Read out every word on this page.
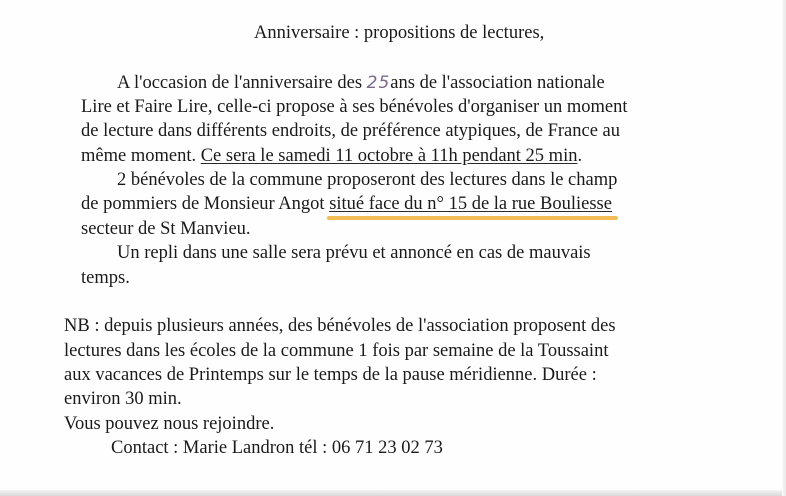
Anniversaire : propositions de lectures,
A l'occasion de l'anniversaire des 25ans de l'association nationale
Lire et Faire Lire, celle-ci propose à ses bénévoles d'organiser un moment
de lecture dans différents endroits, de préférence atypiques, de France au
même moment. Ce sera le samedi 11 octobre à 11h pendant 25 min.
2 bénévoles de la commune proposeront des lectures dans le champ
de pommiers de Monsieur Angot situé face du n° 15 de la rue Bouliesse
secteur de St Manvieu.
Un repli dans une salle sera prévu et annoncé en cas de mauvais
temps.
NB : depuis plusieurs années, des bénévoles de l'association proposent des
lectures dans les écoles de la commune 1 fois par semaine de la Toussaint
aux vacances de Printemps sur le temps de la pause méridienne. Durée :
environ 30 min.
Vous pouvez nous rejoindre.
Contact : Marie Landron tél : 06 71 23 02 73
